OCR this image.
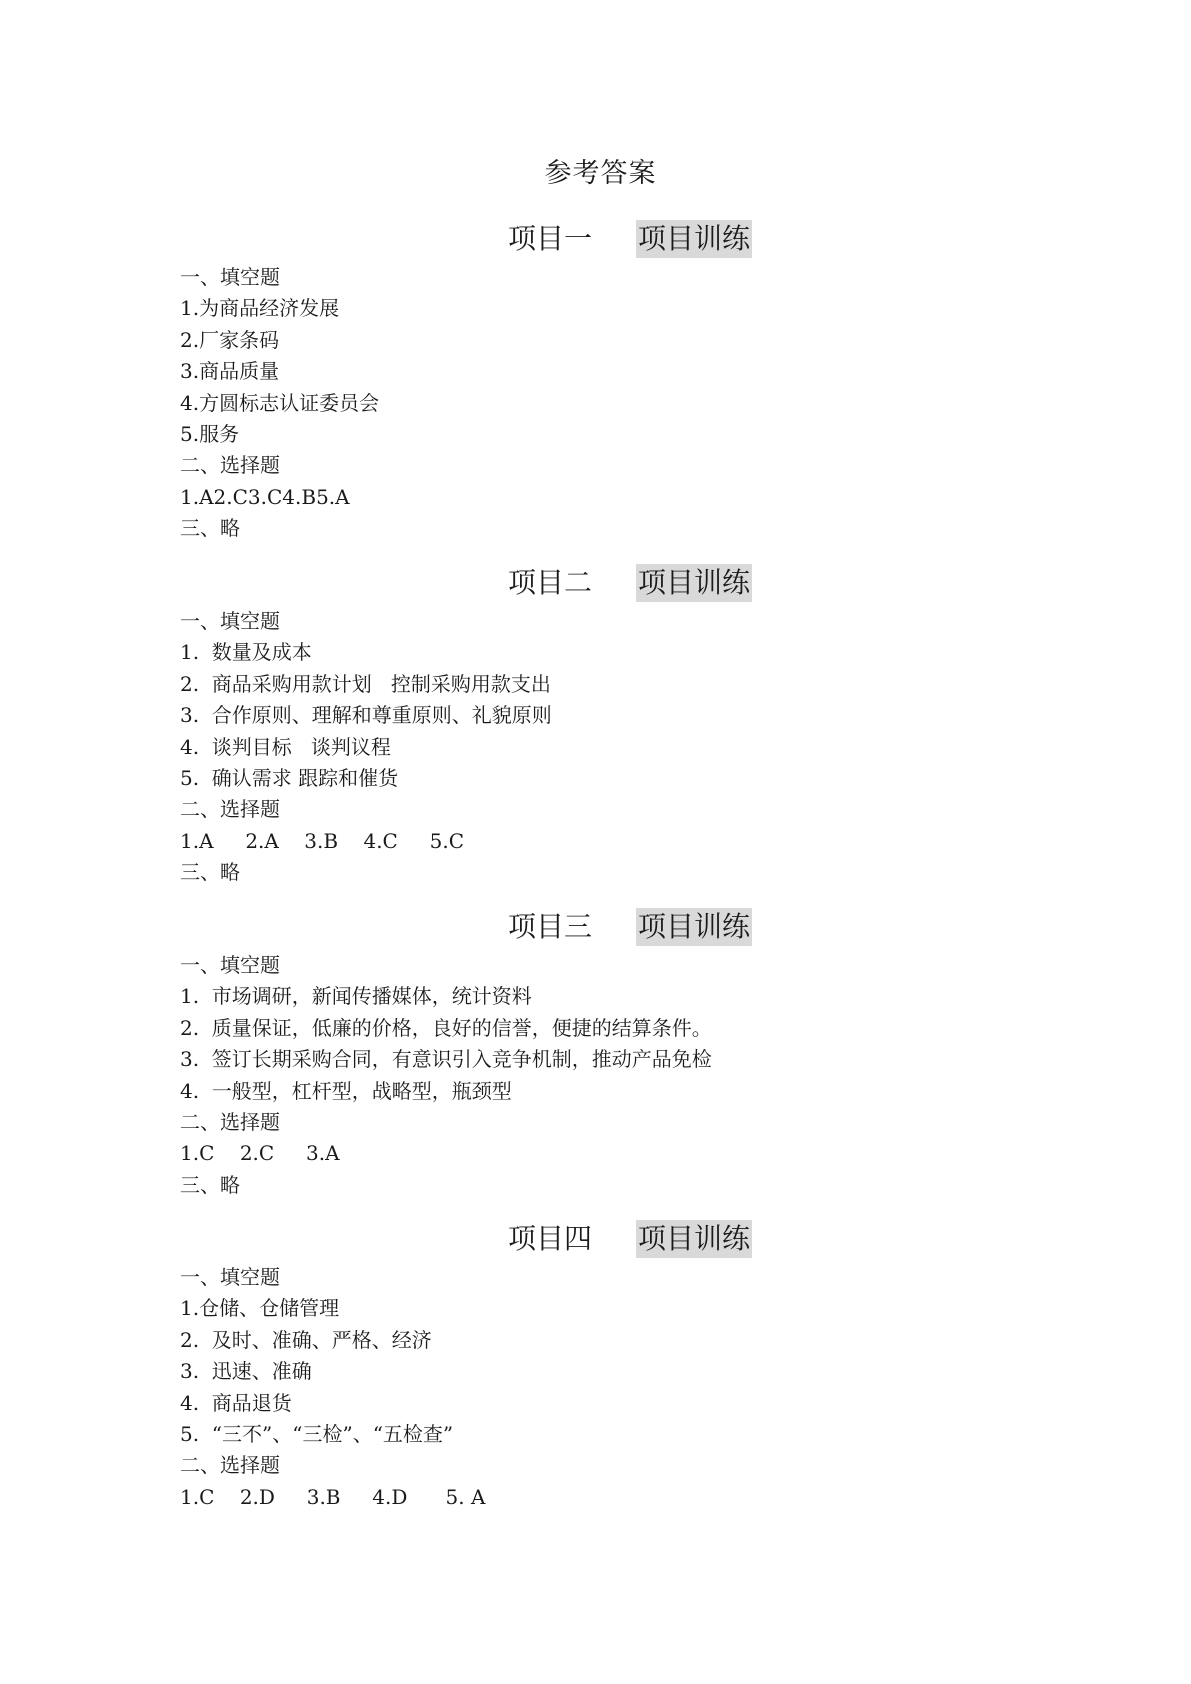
参考答案
项目一 项目训练
一、填空题
1.为商品经济发展
2.厂家条码
3.商品质量
4.方圆标志认证委员会
5.服务
二、选择题
1.A2.C3.C4.B5.A
三、略
项目二 项目训练
一、填空题
1.  数量及成本
2.  商品采购用款计划   控制采购用款支出
3.  合作原则、理解和尊重原则、礼貌原则
4.  谈判目标   谈判议程
5.  确认需求 跟踪和催货
二、选择题
1.A     2.A    3.B    4.C     5.C
三、略
项目三 项目训练
一、填空题
1.  市场调研，新闻传播媒体，统计资料
2.  质量保证，低廉的价格，良好的信誉，便捷的结算条件。
3.  签订长期采购合同，有意识引入竞争机制，推动产品免检
4.  一般型，杠杆型，战略型，瓶颈型
二、选择题
1.C    2.C     3.A
三、略
项目四 项目训练
一、填空题
1.仓储、仓储管理
2.  及时、准确、严格、经济
3.  迅速、准确
4.  商品退货
5.  “三不”、“三检”、“五检查”
二、选择题
1.C    2.D     3.B     4.D      5. A
